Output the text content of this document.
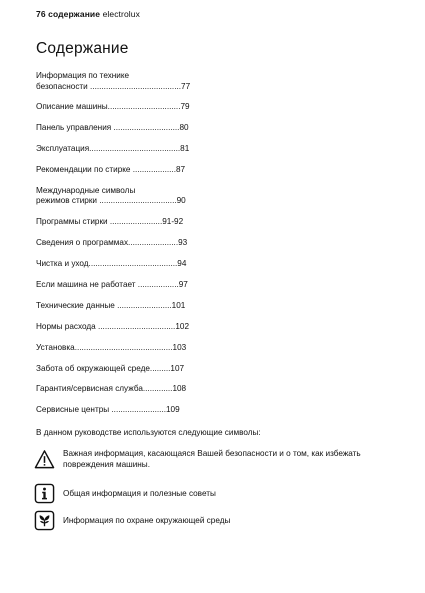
76 содержание electrolux
Содержание
Информация по технике
безопасности ........................................77
Описание машины................................79
Панель управления .............................80
Эксплуатация........................................81
Рекомендации по стирке ...................87
Международные символы
режимов стирки ..................................90
Программы стирки .......................91-92
Сведения о программах......................93
Чистка и уход.......................................94
Если машина не работает ..................97
Технические данные ........................101
Нормы расхода ..................................102
Установка...........................................103
Забота об окружающей среде.........107
Гарантия/сервисная служба.............108
Сервисные центры ........................109
В данном руководстве используются следующие символы:
Важная информация, касающаяся Вашей безопасности и о том, как избежать повреждения машины.
Общая информация и полезные советы
Информация по охране окружающей среды
